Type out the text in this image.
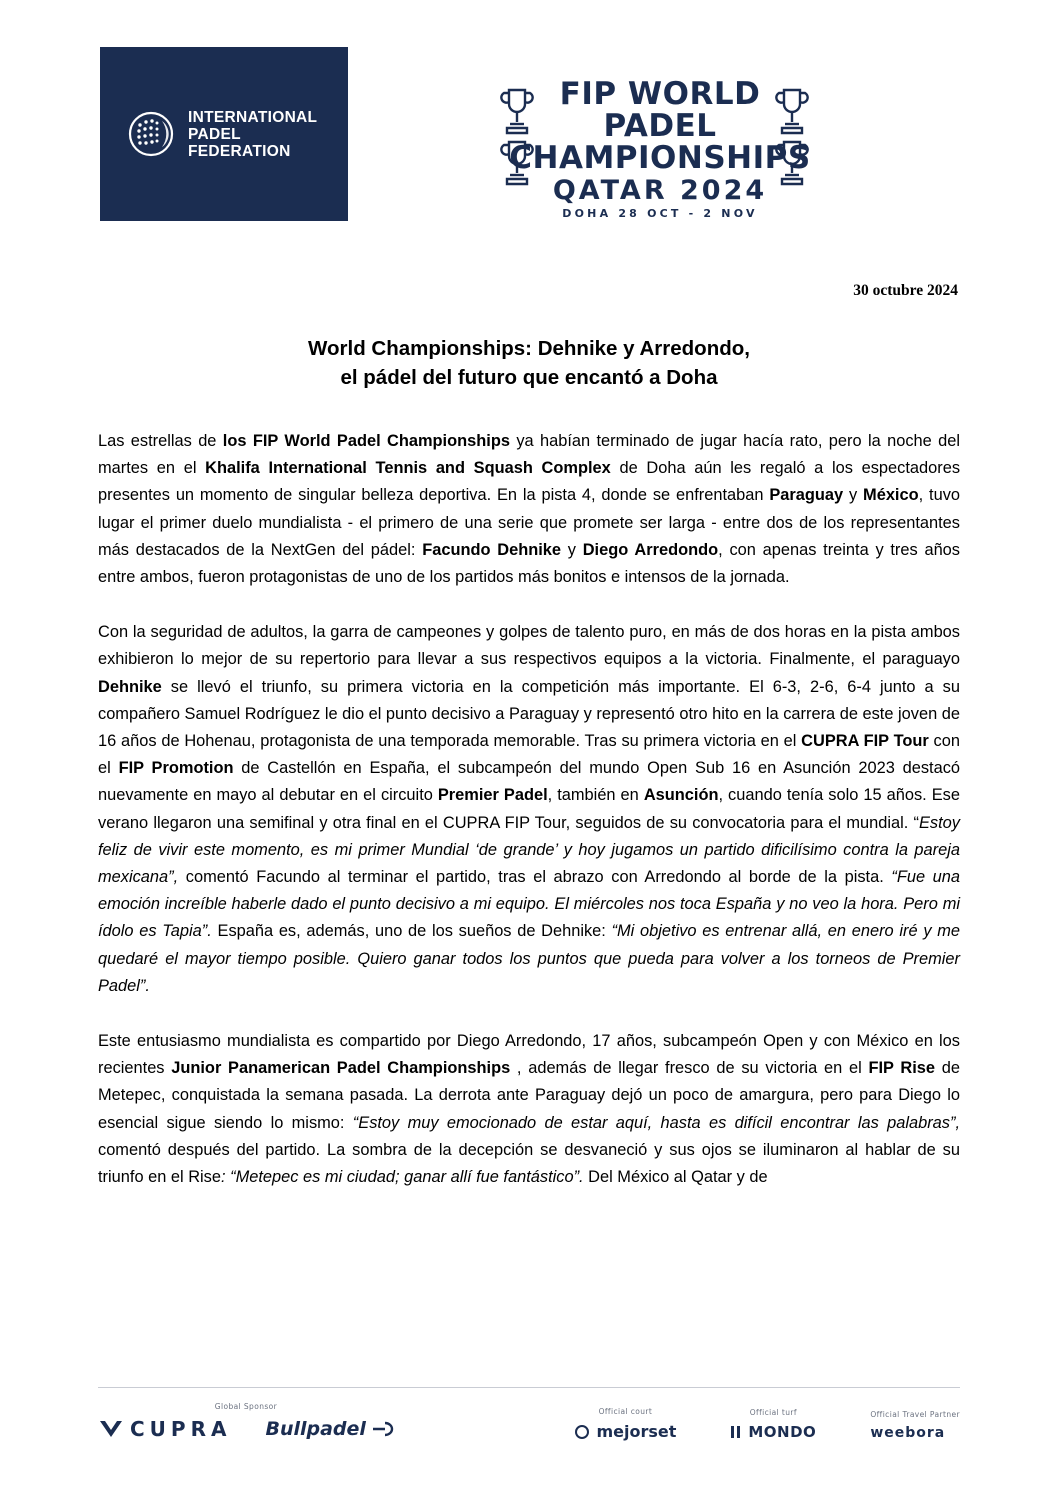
INTERNATIONAL
PADEL
FEDERATION
FIP WORLD PADEL
CHAMPIONSHIPS
QATAR 2024
DOHA 28 OCT - 2 NOV
30 octubre 2024
World Championships: Dehnike y Arredondo,
el pádel del futuro que encantó a Doha

Las estrellas de los FIP World Padel Championships ya habían terminado de jugar hacía rato, pero la noche del martes en el Khalifa International Tennis and Squash Complex de Doha aún les regaló a los espectadores presentes un momento de singular belleza deportiva. En la pista 4, donde se enfrentaban Paraguay y México, tuvo lugar el primer duelo mundialista - el primero de una serie que promete ser larga - entre dos de los representantes más destacados de la NextGen del pádel: Facundo Dehnike y Diego Arredondo, con apenas treinta y tres años entre ambos, fueron protagonistas de uno de los partidos más bonitos e intensos de la jornada.

Con la seguridad de adultos, la garra de campeones y golpes de talento puro, en más de dos horas en la pista ambos exhibieron lo mejor de su repertorio para llevar a sus respectivos equipos a la victoria. Finalmente, el paraguayo Dehnike se llevó el triunfo, su primera victoria en la competición más importante. El 6-3, 2-6, 6-4 junto a su compañero Samuel Rodríguez le dio el punto decisivo a Paraguay y representó otro hito en la carrera de este joven de 16 años de Hohenau, protagonista de una temporada memorable. Tras su primera victoria en el CUPRA FIP Tour con el FIP Promotion de Castellón en España, el subcampeón del mundo Open Sub 16 en Asunción 2023 destacó nuevamente en mayo al debutar en el circuito Premier Padel, también en Asunción, cuando tenía solo 15 años. Ese verano llegaron una semifinal y otra final en el CUPRA FIP Tour, seguidos de su convocatoria para el mundial. “Estoy feliz de vivir este momento, es mi primer Mundial ‘de grande’ y hoy jugamos un partido dificilísimo contra la pareja mexicana”, comentó Facundo al terminar el partido, tras el abrazo con Arredondo al borde de la pista. “Fue una emoción increíble haberle dado el punto decisivo a mi equipo. El miércoles nos toca España y no veo la hora. Pero mi ídolo es Tapia”. España es, además, uno de los sueños de Dehnike: “Mi objetivo es entrenar allá, en enero iré y me quedaré el mayor tiempo posible. Quiero ganar todos los puntos que pueda para volver a los torneos de Premier Padel”.

Este entusiasmo mundialista es compartido por Diego Arredondo, 17 años, subcampeón Open y con México en los recientes Junior Panamerican Padel Championships , además de llegar fresco de su victoria en el FIP Rise de Metepec, conquistada la semana pasada. La derrota ante Paraguay dejó un poco de amargura, pero para Diego lo esencial sigue siendo lo mismo: “Estoy muy emocionado de estar aquí, hasta es difícil encontrar las palabras”, comentó después del partido. La sombra de la decepción se desvaneció y sus ojos se iluminaron al hablar de su triunfo en el Rise: “Metepec es mi ciudad; ganar allí fue fantástico”. Del México al Qatar y de

Global Sponsor
CUPRA Bullpadel
Official court
mejorset
Official turf
MONDO
Official Travel Partner
weebora
